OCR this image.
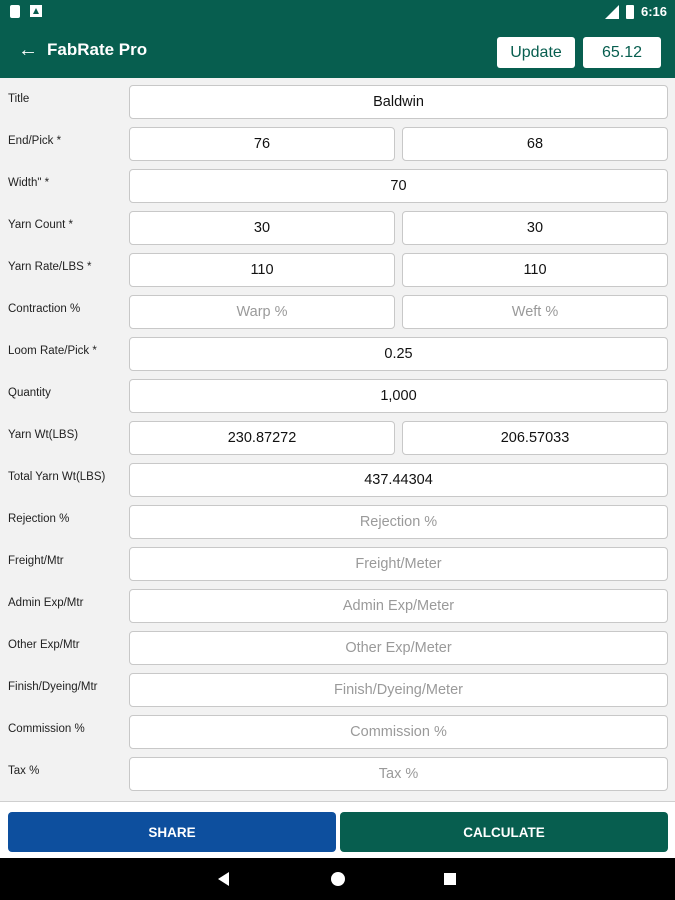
6:16
← FabRate Pro	Update	65.12
Title	Baldwin
End/Pick *	76	68
Width" *	70
Yarn Count *	30	30
Yarn Rate/LBS *	110	110
Contraction %	Warp %	Weft %
Loom Rate/Pick *	0.25
Quantity	1,000
Yarn Wt(LBS)	230.87272	206.57033
Total Yarn Wt(LBS)	437.44304
Rejection %	Rejection %
Freight/Mtr	Freight/Meter
Admin Exp/Mtr	Admin Exp/Meter
Other Exp/Mtr	Other Exp/Meter
Finish/Dyeing/Mtr	Finish/Dyeing/Meter
Commission %	Commission %
Tax %	Tax %
SHARE	CALCULATE
